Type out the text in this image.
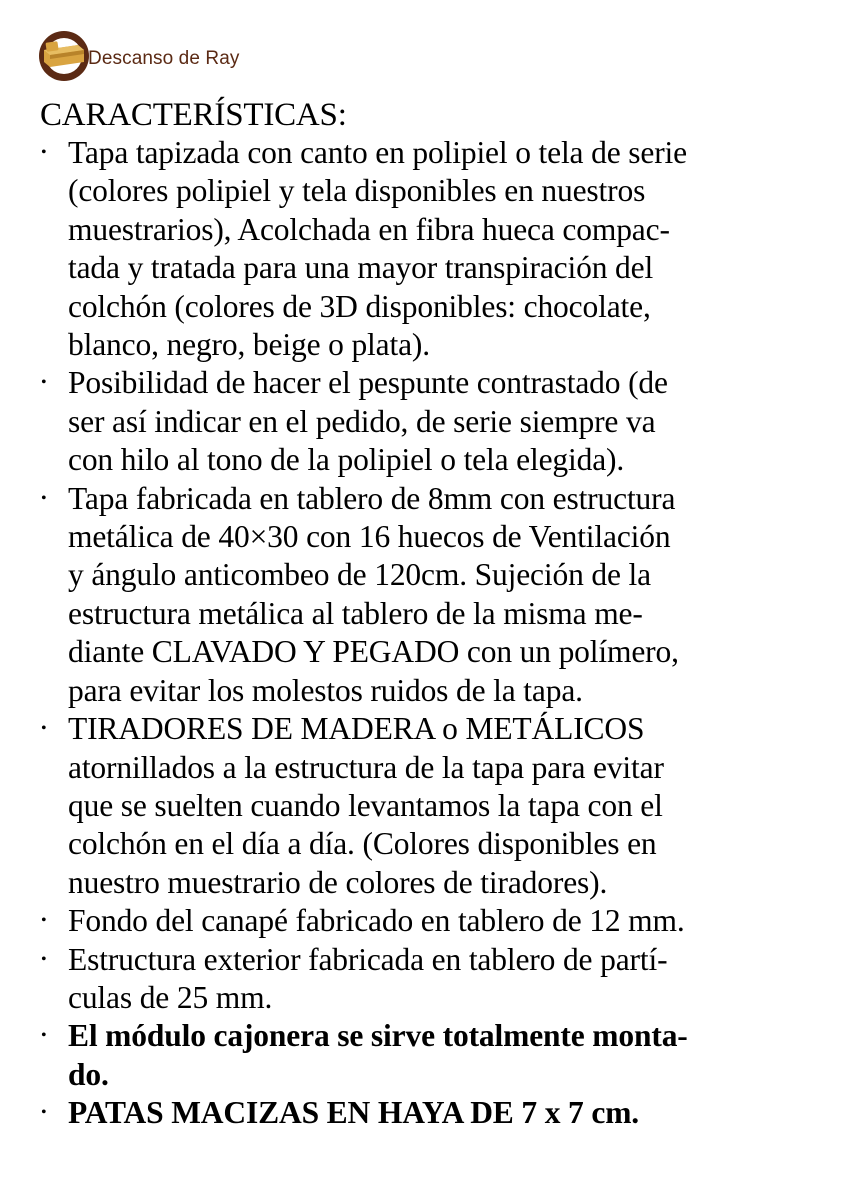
Descanso de Ray
CARACTERÍSTICAS:
• Tapa tapizada con canto en polipiel o tela de serie
(colores polipiel y tela disponibles en nuestros
muestrarios), Acolchada en fibra hueca compac-
tada y tratada para una mayor transpiración del
colchón (colores de 3D disponibles: chocolate,
blanco, negro, beige o plata).
• Posibilidad de hacer el pespunte contrastado (de
ser así indicar en el pedido, de serie siempre va
con hilo al tono de la polipiel o tela elegida).
• Tapa fabricada en tablero de 8mm con estructura
metálica de 40×30 con 16 huecos de Ventilación
y ángulo anticombeo de 120cm. Sujeción de la
estructura metálica al tablero de la misma me-
diante CLAVADO Y PEGADO con un polímero,
para evitar los molestos ruidos de la tapa.
• TIRADORES DE MADERA o METÁLICOS
atornillados a la estructura de la tapa para evitar
que se suelten cuando levantamos la tapa con el
colchón en el día a día. (Colores disponibles en
nuestro muestrario de colores de tiradores).
• Fondo del canapé fabricado en tablero de 12 mm.
• Estructura exterior fabricada en tablero de partí-
culas de 25 mm.
• El módulo cajonera se sirve totalmente monta-
do.
• PATAS MACIZAS EN HAYA DE 7 x 7 cm.
